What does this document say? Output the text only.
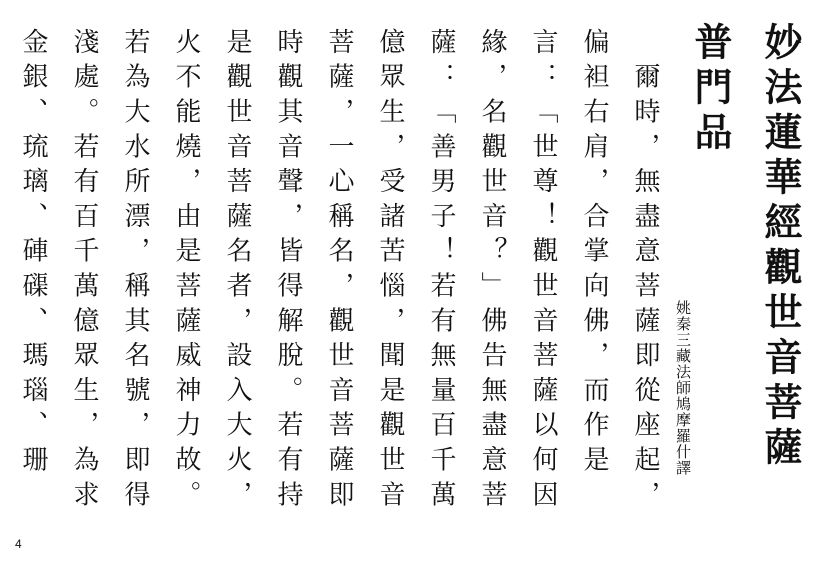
妙法蓮華經觀世音菩薩普門品
姚秦三藏法師鳩摩羅什譯

　爾時，無盡意菩薩即從座起，偏袒右肩，合掌向佛，而作是言：「世尊！觀世音菩薩以何因緣，名觀世音？」佛告無盡意菩薩：「善男子！若有無量百千萬億眾生，受諸苦惱，聞是觀世音菩薩，一心稱名，觀世音菩薩即時觀其音聲，皆得解脫。若有持是觀世音菩薩名者，設入大火，火不能燒，由是菩薩威神力故。若為大水所漂，稱其名號，即得淺處。若有百千萬億眾生，為求金銀、琉璃、硨磲、瑪瑙、珊

4
